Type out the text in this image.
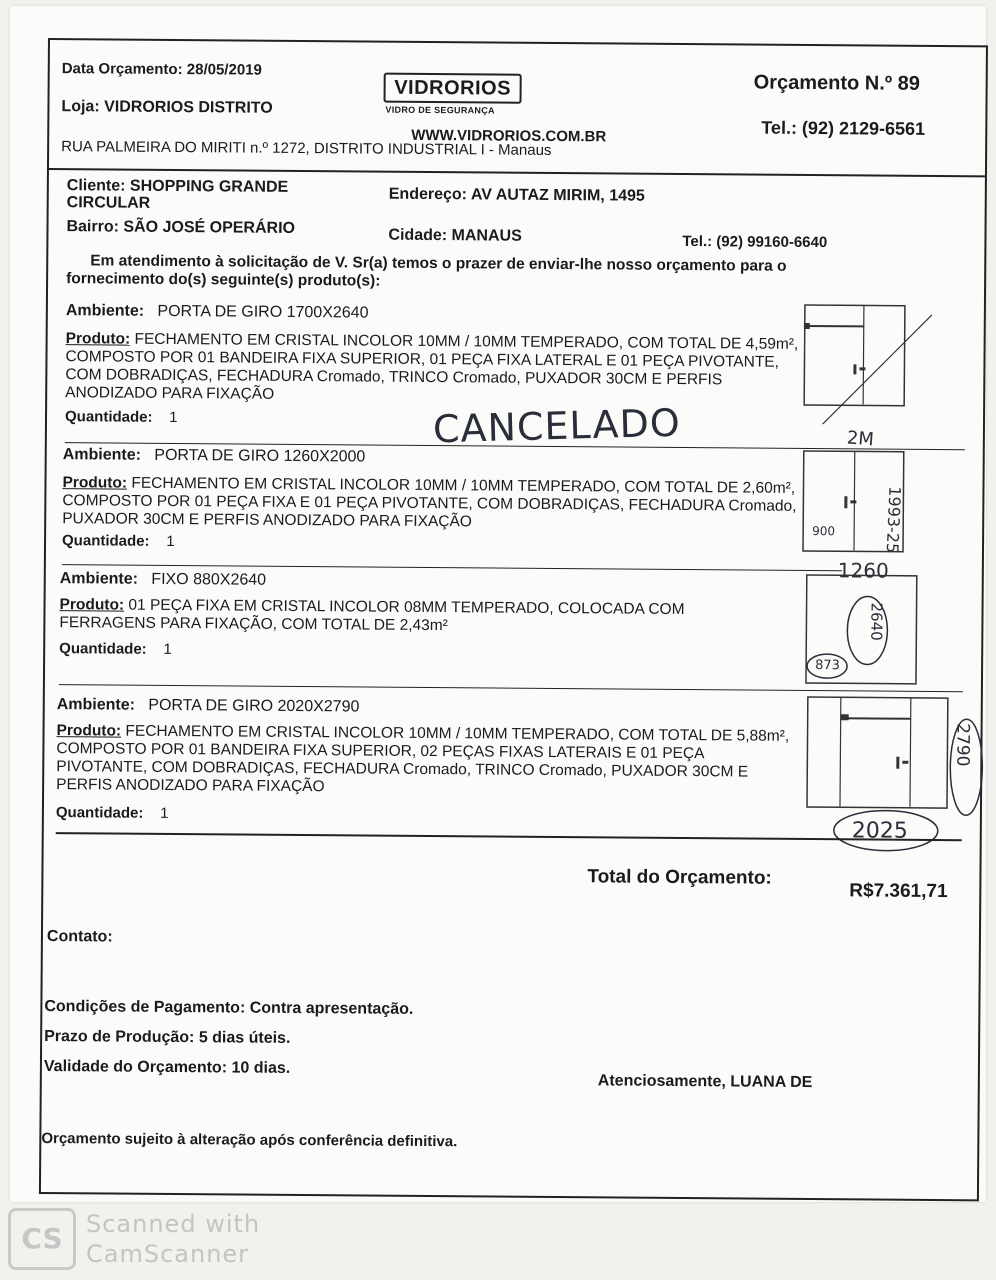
Data Orçamento: 28/05/2019
Loja: VIDRORIOS DISTRITO
RUA PALMEIRA DO MIRITI n.º 1272, DISTRITO INDUSTRIAL I - Manaus
VIDRORIOS
VIDRO DE SEGURANÇA
WWW.VIDRORIOS.COM.BR
Orçamento N.º 89
Tel.: (92) 2129-6561
Cliente: SHOPPING GRANDE
CIRCULAR	Endereço: AV AUTAZ MIRIM, 1495
Bairro: SÃO JOSÉ OPERÁRIO	Cidade: MANAUS	Tel.: (92) 99160-6640
Em atendimento à solicitação de V. Sr(a) temos o prazer de enviar-lhe nosso orçamento para o fornecimento do(s) seguinte(s) produto(s):
Ambiente: PORTA DE GIRO 1700X2640
Produto: FECHAMENTO EM CRISTAL INCOLOR 10MM / 10MM TEMPERADO, COM TOTAL DE 4,59m², COMPOSTO POR 01 BANDEIRA FIXA SUPERIOR, 01 PEÇA FIXA LATERAL E 01 PEÇA PIVOTANTE, COM DOBRADIÇAS, FECHADURA Cromado, TRINCO Cromado, PUXADOR 30CM E PERFIS ANODIZADO PARA FIXAÇÃO
Quantidade: 1	CANCELADO	2M
Ambiente: PORTA DE GIRO 1260X2000
Produto: FECHAMENTO EM CRISTAL INCOLOR 10MM / 10MM TEMPERADO, COM TOTAL DE 2,60m², COMPOSTO POR 01 PEÇA FIXA E 01 PEÇA PIVOTANTE, COM DOBRADIÇAS, FECHADURA Cromado, PUXADOR 30CM E PERFIS ANODIZADO PARA FIXAÇÃO
Quantidade: 1
900	1993-25
1260
Ambiente: FIXO 880X2640
Produto: 01 PEÇA FIXA EM CRISTAL INCOLOR 08MM TEMPERADO, COLOCADA COM FERRAGENS PARA FIXAÇÃO, COM TOTAL DE 2,43m²
Quantidade: 1
2640
873
Ambiente: PORTA DE GIRO 2020X2790
Produto: FECHAMENTO EM CRISTAL INCOLOR 10MM / 10MM TEMPERADO, COM TOTAL DE 5,88m², COMPOSTO POR 01 BANDEIRA FIXA SUPERIOR, 02 PEÇAS FIXAS LATERAIS E 01 PEÇA PIVOTANTE, COM DOBRADIÇAS, FECHADURA Cromado, TRINCO Cromado, PUXADOR 30CM E PERFIS ANODIZADO PARA FIXAÇÃO
Quantidade: 1
2790
2025
Total do Orçamento:
R$7.361,71
Contato:
Condições de Pagamento: Contra apresentação.
Prazo de Produção: 5 dias úteis.
Validade do Orçamento: 10 dias.
Atenciosamente, LUANA DE
Orçamento sujeito à alteração após conferência definitiva.
CS Scanned with
CamScanner
